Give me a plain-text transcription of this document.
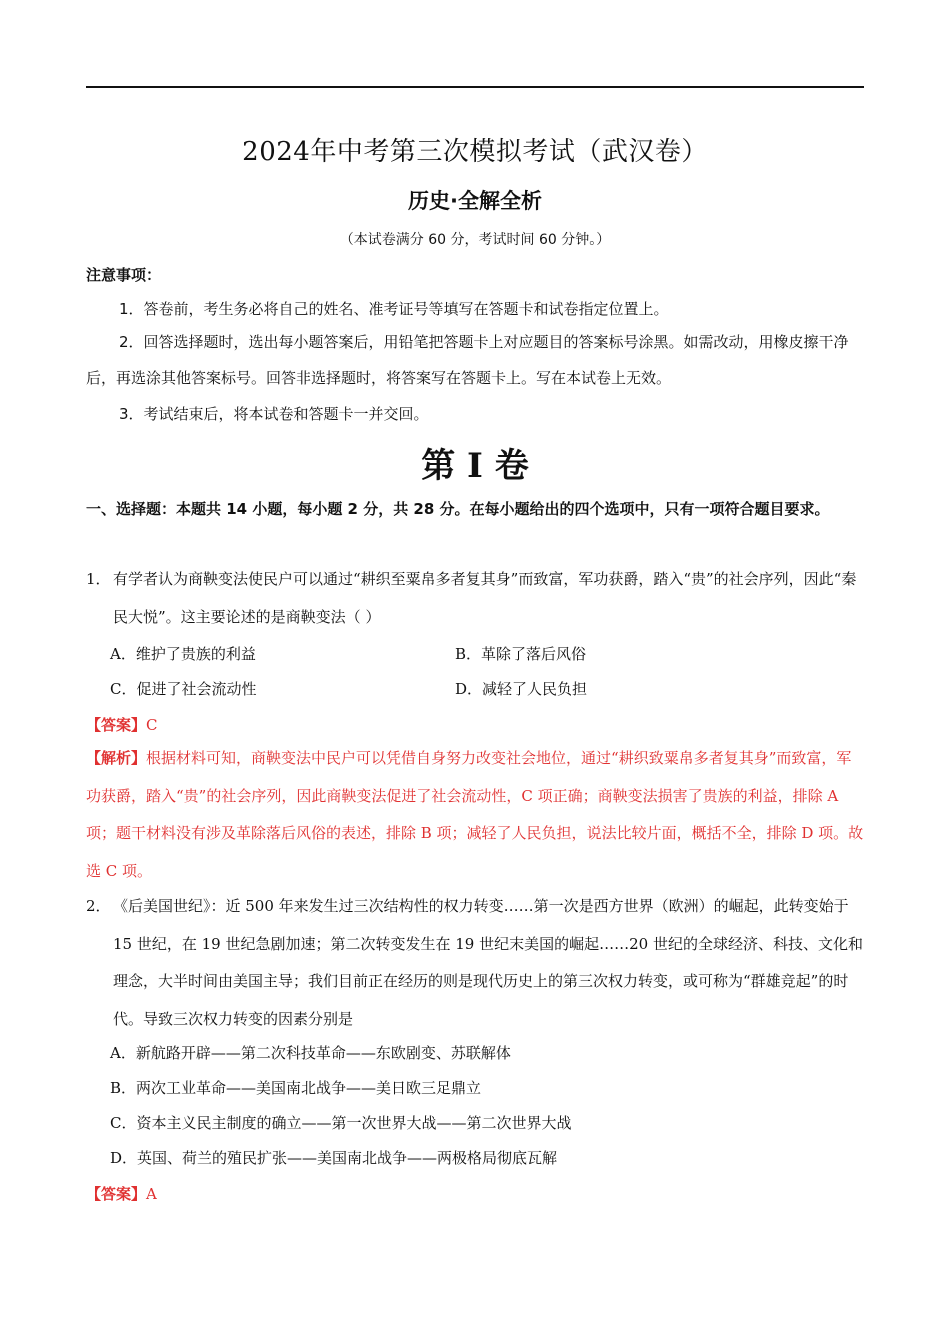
2024年中考第三次模拟考试（武汉卷）
历史·全解全析
（本试卷满分 60 分，考试时间 60 分钟。）
注意事项：
1．答卷前，考生务必将自己的姓名、准考证号等填写在答题卡和试卷指定位置上。
2．回答选择题时，选出每小题答案后，用铅笔把答题卡上对应题目的答案标号涂黑。如需改动，用橡皮擦干净后，再选涂其他答案标号。回答非选择题时，将答案写在答题卡上。写在本试卷上无效。
3．考试结束后，将本试卷和答题卡一并交回。
第 I 卷
一、选择题：本题共 14 小题，每小题 2 分，共 28 分。在每小题给出的四个选项中，只有一项符合题目要求。
1． 有学者认为商鞅变法使民户可以通过“耕织至粟帛多者复其身”而致富，军功获爵，踏入“贵”的社会序列，因此“秦民大悦”。这主要论述的是商鞅变法（ ）
A．维护了贵族的利益	B．革除了落后风俗
C．促进了社会流动性	D．减轻了人民负担
【答案】C
【解析】根据材料可知，商鞅变法中民户可以凭借自身努力改变社会地位，通过“耕织致粟帛多者复其身”而致富，军功获爵，踏入“贵”的社会序列，因此商鞅变法促进了社会流动性，C 项正确；商鞅变法损害了贵族的利益，排除 A 项；题干材料没有涉及革除落后风俗的表述，排除 B 项；减轻了人民负担，说法比较片面，概括不全，排除 D 项。故选 C 项。
2． 《后美国世纪》：近 500 年来发生过三次结构性的权力转变……第一次是西方世界（欧洲）的崛起，此转变始于 15 世纪，在 19 世纪急剧加速；第二次转变发生在 19 世纪末美国的崛起……20 世纪的全球经济、科技、文化和理念，大半时间由美国主导；我们目前正在经历的则是现代历史上的第三次权力转变，或可称为“群雄竞起”的时代。导致三次权力转变的因素分别是
A．新航路开辟——第二次科技革命——东欧剧变、苏联解体
B．两次工业革命——美国南北战争——美日欧三足鼎立
C．资本主义民主制度的确立——第一次世界大战——第二次世界大战
D．英国、荷兰的殖民扩张——美国南北战争——两极格局彻底瓦解
【答案】A
